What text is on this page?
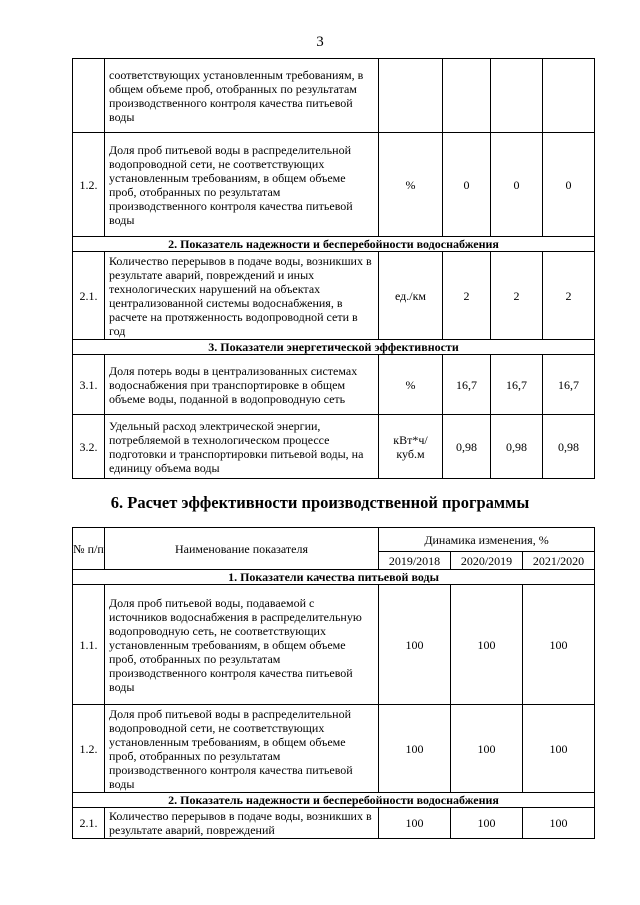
3
	соответствующих установленным требованиям, в общем объеме проб, отобранных по результатам производственного контроля качества питьевой воды				
1.2.	Доля проб питьевой воды в распределительной водопроводной сети, не соответствующих установленным требованиям, в общем объеме проб, отобранных по результатам производственного контроля качества питьевой воды	%	0	0	0
2. Показатель надежности и бесперебойности водоснабжения					
2.1.	Количество перерывов в подаче воды, возникших в результате аварий, повреждений и иных технологических нарушений на объектах централизованной системы водоснабжения, в расчете на протяженность водопроводной сети в год	ед./км	2	2	2
3. Показатели энергетической эффективности					
3.1.	Доля потерь воды в централизованных системах водоснабжения при транспортировке в общем объеме воды, поданной в водопроводную сеть	%	16,7	16,7	16,7
3.2.	Удельный расход электрической энергии, потребляемой в технологическом процессе подготовки и транспортировки питьевой воды, на единицу объема воды	кВт*ч/ куб.м	0,98	0,98	0,98
6. Расчет эффективности производственной программы
№ п/п	Наименование показателя	Динамика изменения, %		
		2019/2018	2020/2019	2021/2020
1. Показатели качества питьевой воды				
1.1.	Доля проб питьевой воды, подаваемой с источников водоснабжения в распределительную водопроводную сеть, не соответствующих установленным требованиям, в общем объеме проб, отобранных по результатам производственного контроля качества питьевой воды	100	100	100
1.2.	Доля проб питьевой воды в распределительной водопроводной сети, не соответствующих установленным требованиям, в общем объеме проб, отобранных по результатам производственного контроля качества питьевой воды	100	100	100
2. Показатель надежности и бесперебойности водоснабжения				
2.1.	Количество перерывов в подаче воды, возникших в результате аварий, повреждений	100	100	100
